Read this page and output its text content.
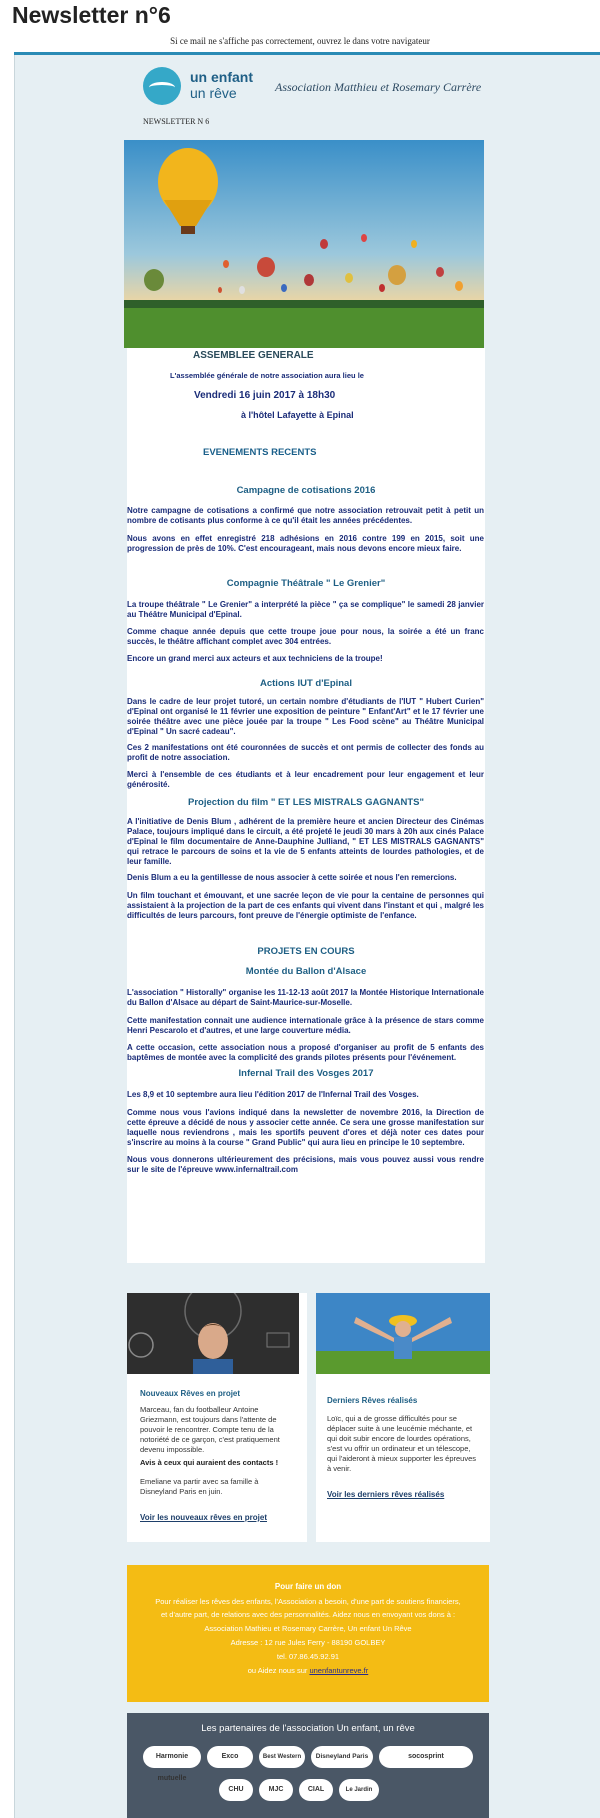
Newsletter n°6
Si ce mail ne s'affiche pas correctement, ouvrez le dans votre navigateur
un enfant
un rêve	Association Matthieu et Rosemary Carrère
NEWSLETTER N 6
ASSEMBLEE GENERALE
L'assemblée générale de notre association aura lieu le
Vendredi 16 juin 2017 à 18h30
à l'hôtel Lafayette à Epinal
EVENEMENTS RECENTS
Campagne de cotisations 2016
Notre campagne de cotisations a confirmé que notre association retrouvait petit à petit un nombre de cotisants plus conforme à ce qu'il était les années précédentes.
Nous avons en effet enregistré 218 adhésions en 2016 contre 199 en 2015, soit une progression de près de 10%. C'est encourageant, mais nous devons encore mieux faire.
Compagnie Théâtrale " Le Grenier"
La troupe théâtrale " Le Grenier" a interprété la pièce " ça se complique" le samedi 28 janvier au Théâtre Municipal d'Epinal.
Comme chaque année depuis que cette troupe joue pour nous, la soirée a été un franc succès, le théâtre affichant complet avec 304 entrées.
Encore un grand merci aux acteurs et aux techniciens de la troupe!
Actions IUT d'Epinal
Dans le cadre de leur projet tutoré, un certain nombre d'étudiants de l'IUT " Hubert Curien" d'Epinal ont organisé le 11 février une exposition de peinture " Enfant'Art" et le 17 février une soirée théâtre avec une pièce jouée par la troupe " Les Food scène" au Théâtre Municipal d'Epinal " Un sacré cadeau".
Ces 2 manifestations ont été couronnées de succès et ont permis de collecter des fonds au profit de notre association.
Merci à l'ensemble de ces étudiants et à leur encadrement pour leur engagement et leur générosité.
Projection du film " ET LES MISTRALS GAGNANTS"
A l'initiative de Denis Blum , adhérent de la première heure et ancien Directeur des Cinémas Palace, toujours impliqué dans le circuit, a été projeté le jeudi 30 mars à 20h aux cinés Palace d'Epinal le film documentaire de Anne-Dauphine Julliand, " ET LES MISTRALS GAGNANTS" qui retrace le parcours de soins et la vie de 5 enfants atteints de lourdes pathologies, et de leur famille.
Denis Blum a eu la gentillesse de nous associer à cette soirée et nous l'en remercions.
Un film touchant et émouvant, et une sacrée leçon de vie pour la centaine de personnes qui assistaient à la projection de la part de ces enfants qui vivent dans l'instant et qui , malgré les difficultés de leurs parcours, font preuve de l'énergie optimiste de l'enfance.
PROJETS EN COURS
Montée du Ballon d'Alsace
L'association " Historally" organise les 11-12-13 août 2017 la Montée Historique Internationale du Ballon d'Alsace au départ de Saint-Maurice-sur-Moselle.
Cette manifestation connait une audience internationale grâce à la présence de stars comme Henri Pescarolo et d'autres, et une large couverture média.
A cette occasion, cette association nous a proposé d'organiser au profit de 5 enfants des baptêmes de montée avec la complicité des grands pilotes présents pour l'événement.
Infernal Trail des Vosges 2017
Les 8,9 et 10 septembre aura lieu l'édition 2017 de l'Infernal Trail des Vosges.
Comme nous vous l'avions indiqué dans la newsletter de novembre 2016, la Direction de cette épreuve a décidé de nous y associer cette année. Ce sera une grosse manifestation sur laquelle nous reviendrons , mais les sportifs peuvent d'ores et déjà noter ces dates pour s'inscrire au moins à la course " Grand Public" qui aura lieu en principe le 10 septembre.
Nous vous donnerons ultérieurement des précisions, mais vous pouvez aussi vous rendre sur le site de l'épreuve www.infernaltrail.com
Nouveaux Rêves en projet
Marceau, fan du footballeur Antoine Griezmann, est toujours dans l'attente de pouvoir le rencontrer. Compte tenu de la notoriété de ce garçon, c'est pratiquement devenu impossible.
Avis à ceux qui auraient des contacts !
Emeliane va partir avec sa famille à Disneyland Paris en juin.
Voir les nouveaux rêves en projet
Derniers Rêves réalisés
Loïc, qui a de grosse difficultés pour se déplacer suite à une leucémie méchante, et qui doit subir encore de lourdes opérations, s'est vu offrir un ordinateur et un télescope, qui l'aideront à mieux supporter les épreuves à venir.
Voir les derniers rêves réalisés
Pour faire un don
Pour réaliser les rêves des enfants, l'Association a besoin, d'une part de soutiens financiers,
et d'autre part, de relations avec des personnalités. Aidez nous en envoyant vos dons à :
Association Mathieu et Rosemary Carrère, Un enfant Un Rêve
Adresse : 12 rue Jules Ferry - 88190 GOLBEY
tel. 07.86.45.92.91
ou Aidez nous sur unenfantunreve.fr
Les partenaires de l'association Un enfant, un rêve
Harmonie mutuelle
Exco	Best Western	Disneyland Paris	socosprint
CHU	MJC	CIAL	Le Jardin
